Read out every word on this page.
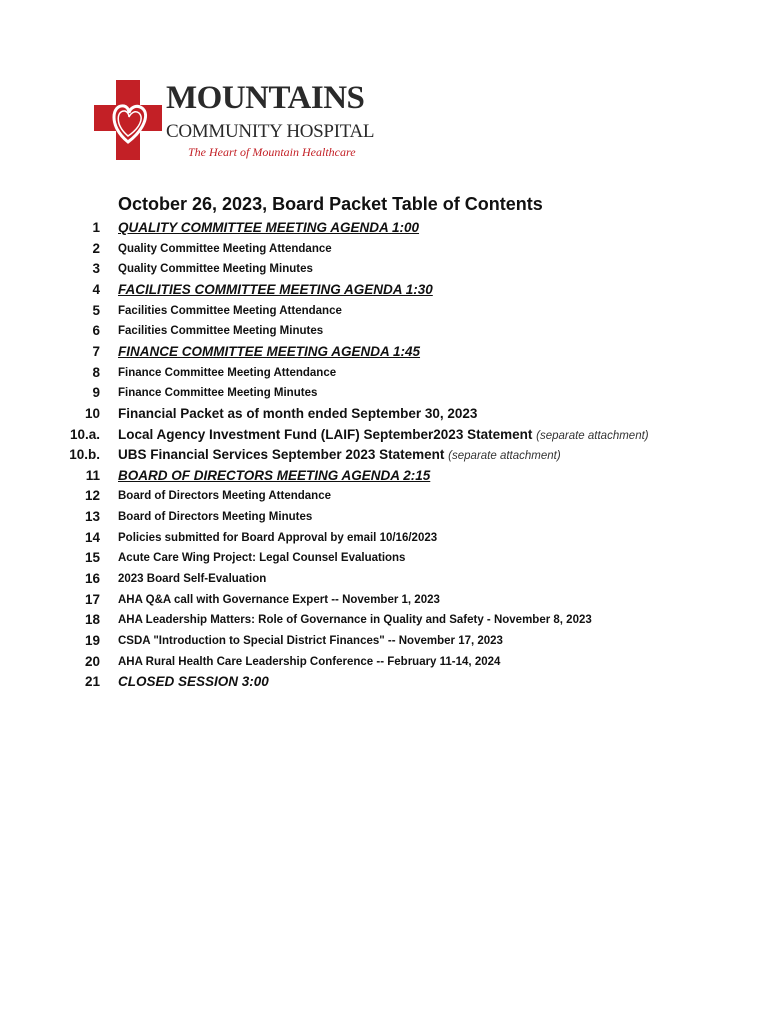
MOUNTAINS
COMMUNITY HOSPITAL
The Heart of Mountain Healthcare
October 26, 2023, Board Packet Table of Contents
1 QUALITY COMMITTEE MEETING AGENDA 1:00
2 Quality Committee Meeting Attendance
3 Quality Committee Meeting Minutes
4 FACILITIES COMMITTEE MEETING AGENDA 1:30
5 Facilities Committee Meeting Attendance
6 Facilities Committee Meeting Minutes
7 FINANCE COMMITTEE MEETING AGENDA 1:45
8 Finance Committee Meeting Attendance
9 Finance Committee Meeting Minutes
10 Financial Packet as of month ended September 30, 2023
10.a. Local Agency Investment Fund (LAIF) September2023 Statement (separate attachment)
10.b. UBS Financial Services September 2023 Statement (separate attachment)
11 BOARD OF DIRECTORS MEETING AGENDA 2:15
12 Board of Directors Meeting Attendance
13 Board of Directors Meeting Minutes
14 Policies submitted for Board Approval by email 10/16/2023
15 Acute Care Wing Project: Legal Counsel Evaluations
16 2023 Board Self-Evaluation
17 AHA Q&A call with Governance Expert -- November 1, 2023
18 AHA Leadership Matters: Role of Governance in Quality and Safety - November 8, 2023
19 CSDA "Introduction to Special District Finances" -- November 17, 2023
20 AHA Rural Health Care Leadership Conference -- February 11-14, 2024
21 CLOSED SESSION 3:00
